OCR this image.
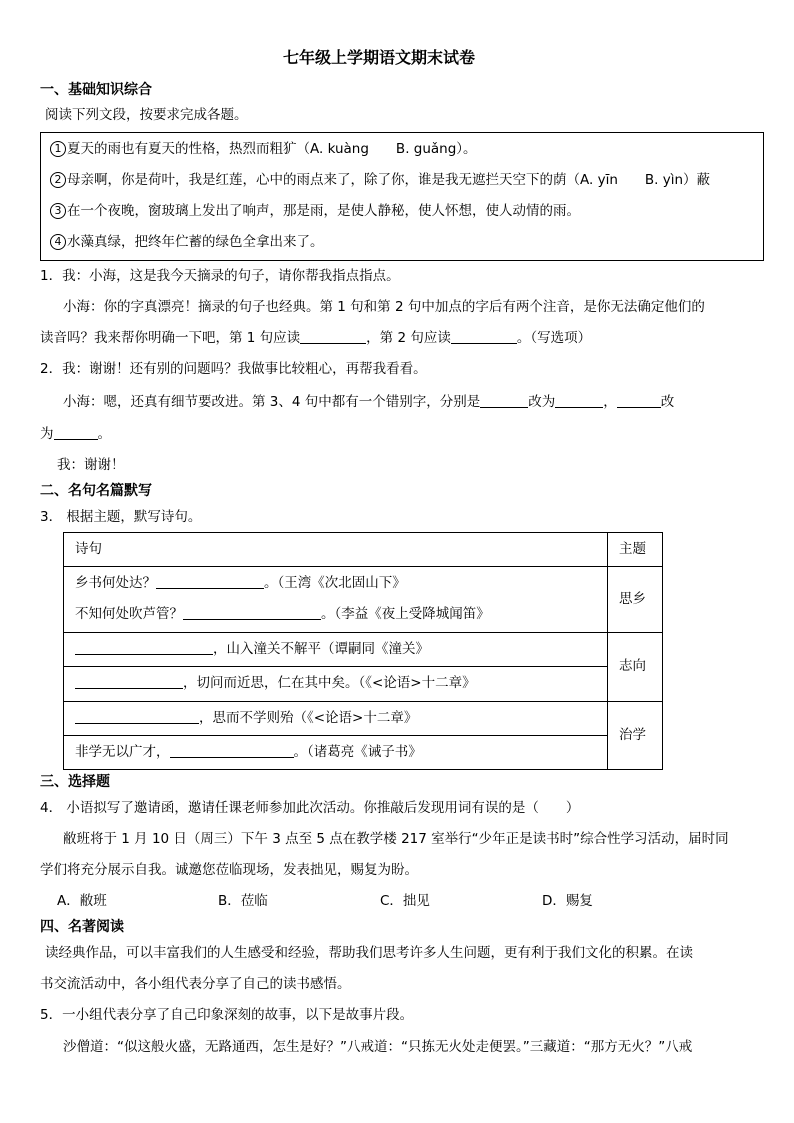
七年级上学期语文期末试卷
一、基础知识综合
阅读下列文段，按要求完成各题。
1 夏天的雨也有夏天的性格，热烈而粗犷（A. kuàng　　B. guǎng）。
2 母亲啊，你是荷叶，我是红莲，心中的雨点来了，除了你，谁是我无遮拦天空下的荫（A. yīn　　B. yìn）蔽
3 在一个夜晚，窗玻璃上发出了响声，那是雨，是使人静秘，使人怀想，使人动情的雨。
4 水藻真绿，把终年伫蓄的绿色全拿出来了。
1．我：小海，这是我今天摘录的句子，请你帮我指点指点。
小海：你的字真漂亮！摘录的句子也经典。第 1 句和第 2 句中加点的字后有两个注音，是你无法确定他们的
读音吗？我来帮你明确一下吧，第 1 句应读	，第 2 句应读	。（写选项）
2．我：谢谢！还有别的问题吗？我做事比较粗心，再帮我看看。
小海：嗯，还真有细节要改进。第 3、4 句中都有一个错别字，分别是	改为	，	改
为	。
我：谢谢！
二、名句名篇默写
3． 根据主题，默写诗句。
诗句	主题
乡书何处达？	。（王湾《次北固山下》
不知何处吹芦管？	。（李益《夜上受降城闻笛》
思乡
，山入潼关不解平（谭嗣同《潼关》
，切问而近思，仁在其中矣。（《<论语>十二章》
志向
，思而不学则殆（《<论语>十二章》
非学无以广才，	。（诸葛亮《诫子书》
治学
三、选择题
4． 小语拟写了邀请函，邀请任课老师参加此次活动。你推敲后发现用词有误的是（　　）
敝班将于 1 月 10 日（周三）下午 3 点至 5 点在教学楼 217 室举行“少年正是读书时”综合性学习活动，届时同
学们将充分展示自我。诚邀您莅临现场，发表拙见，赐复为盼。
A．敝班	B．莅临	C．拙见	D．赐复
四、名著阅读
读经典作品，可以丰富我们的人生感受和经验，帮助我们思考许多人生问题，更有利于我们文化的积累。在读
书交流活动中，各小组代表分享了自己的读书感悟。
5．一小组代表分享了自己印象深刻的故事，以下是故事片段。
沙僧道：“似这般火盛，无路通西，怎生是好？”八戒道：“只拣无火处走便罢。”三藏道：“那方无火？”八戒
